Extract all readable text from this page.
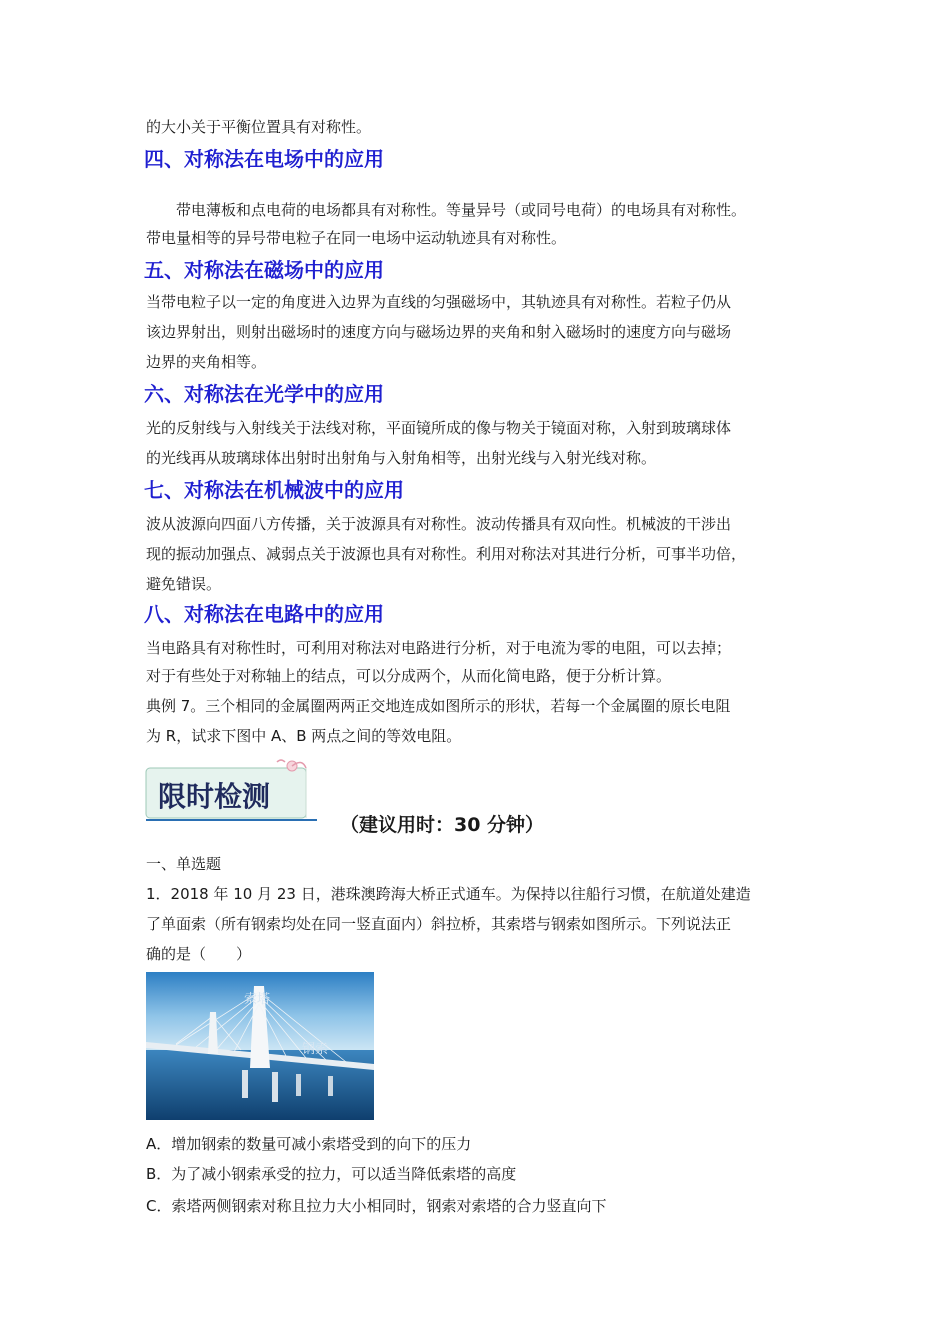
的大小关于平衡位置具有对称性。
四、对称法在电场中的应用
带电薄板和点电荷的电场都具有对称性。等量异号（或同号电荷）的电场具有对称性。
带电量相等的异号带电粒子在同一电场中运动轨迹具有对称性。
五、对称法在磁场中的应用
当带电粒子以一定的角度进入边界为直线的匀强磁场中，其轨迹具有对称性。若粒子仍从
该边界射出，则射出磁场时的速度方向与磁场边界的夹角和射入磁场时的速度方向与磁场
边界的夹角相等。
六、对称法在光学中的应用
光的反射线与入射线关于法线对称，平面镜所成的像与物关于镜面对称，入射到玻璃球体
的光线再从玻璃球体出射时出射角与入射角相等，出射光线与入射光线对称。
七、对称法在机械波中的应用
波从波源向四面八方传播，关于波源具有对称性。波动传播具有双向性。机械波的干涉出
现的振动加强点、减弱点关于波源也具有对称性。利用对称法对其进行分析，可事半功倍，
避免错误。
八、对称法在电路中的应用
当电路具有对称性时，可利用对称法对电路进行分析，对于电流为零的电阻，可以去掉；
对于有些处于对称轴上的结点，可以分成两个，从而化简电路，便于分析计算。
典例 7。三个相同的金属圈两两正交地连成如图所示的形状，若每一个金属圈的原长电阻
为 R，试求下图中 A、B 两点之间的等效电阻。
限时检测
（建议用时：30 分钟）
一、单选题
1．2018 年 10 月 23 日，港珠澳跨海大桥正式通车。为保持以往船行习惯，在航道处建造
了单面索（所有钢索均处在同一竖直面内）斜拉桥，其索塔与钢索如图所示。下列说法正
确的是（　　）
索塔
钢索
A．增加钢索的数量可减小索塔受到的向下的压力
B．为了减小钢索承受的拉力，可以适当降低索塔的高度
C．索塔两侧钢索对称且拉力大小相同时，钢索对索塔的合力竖直向下
